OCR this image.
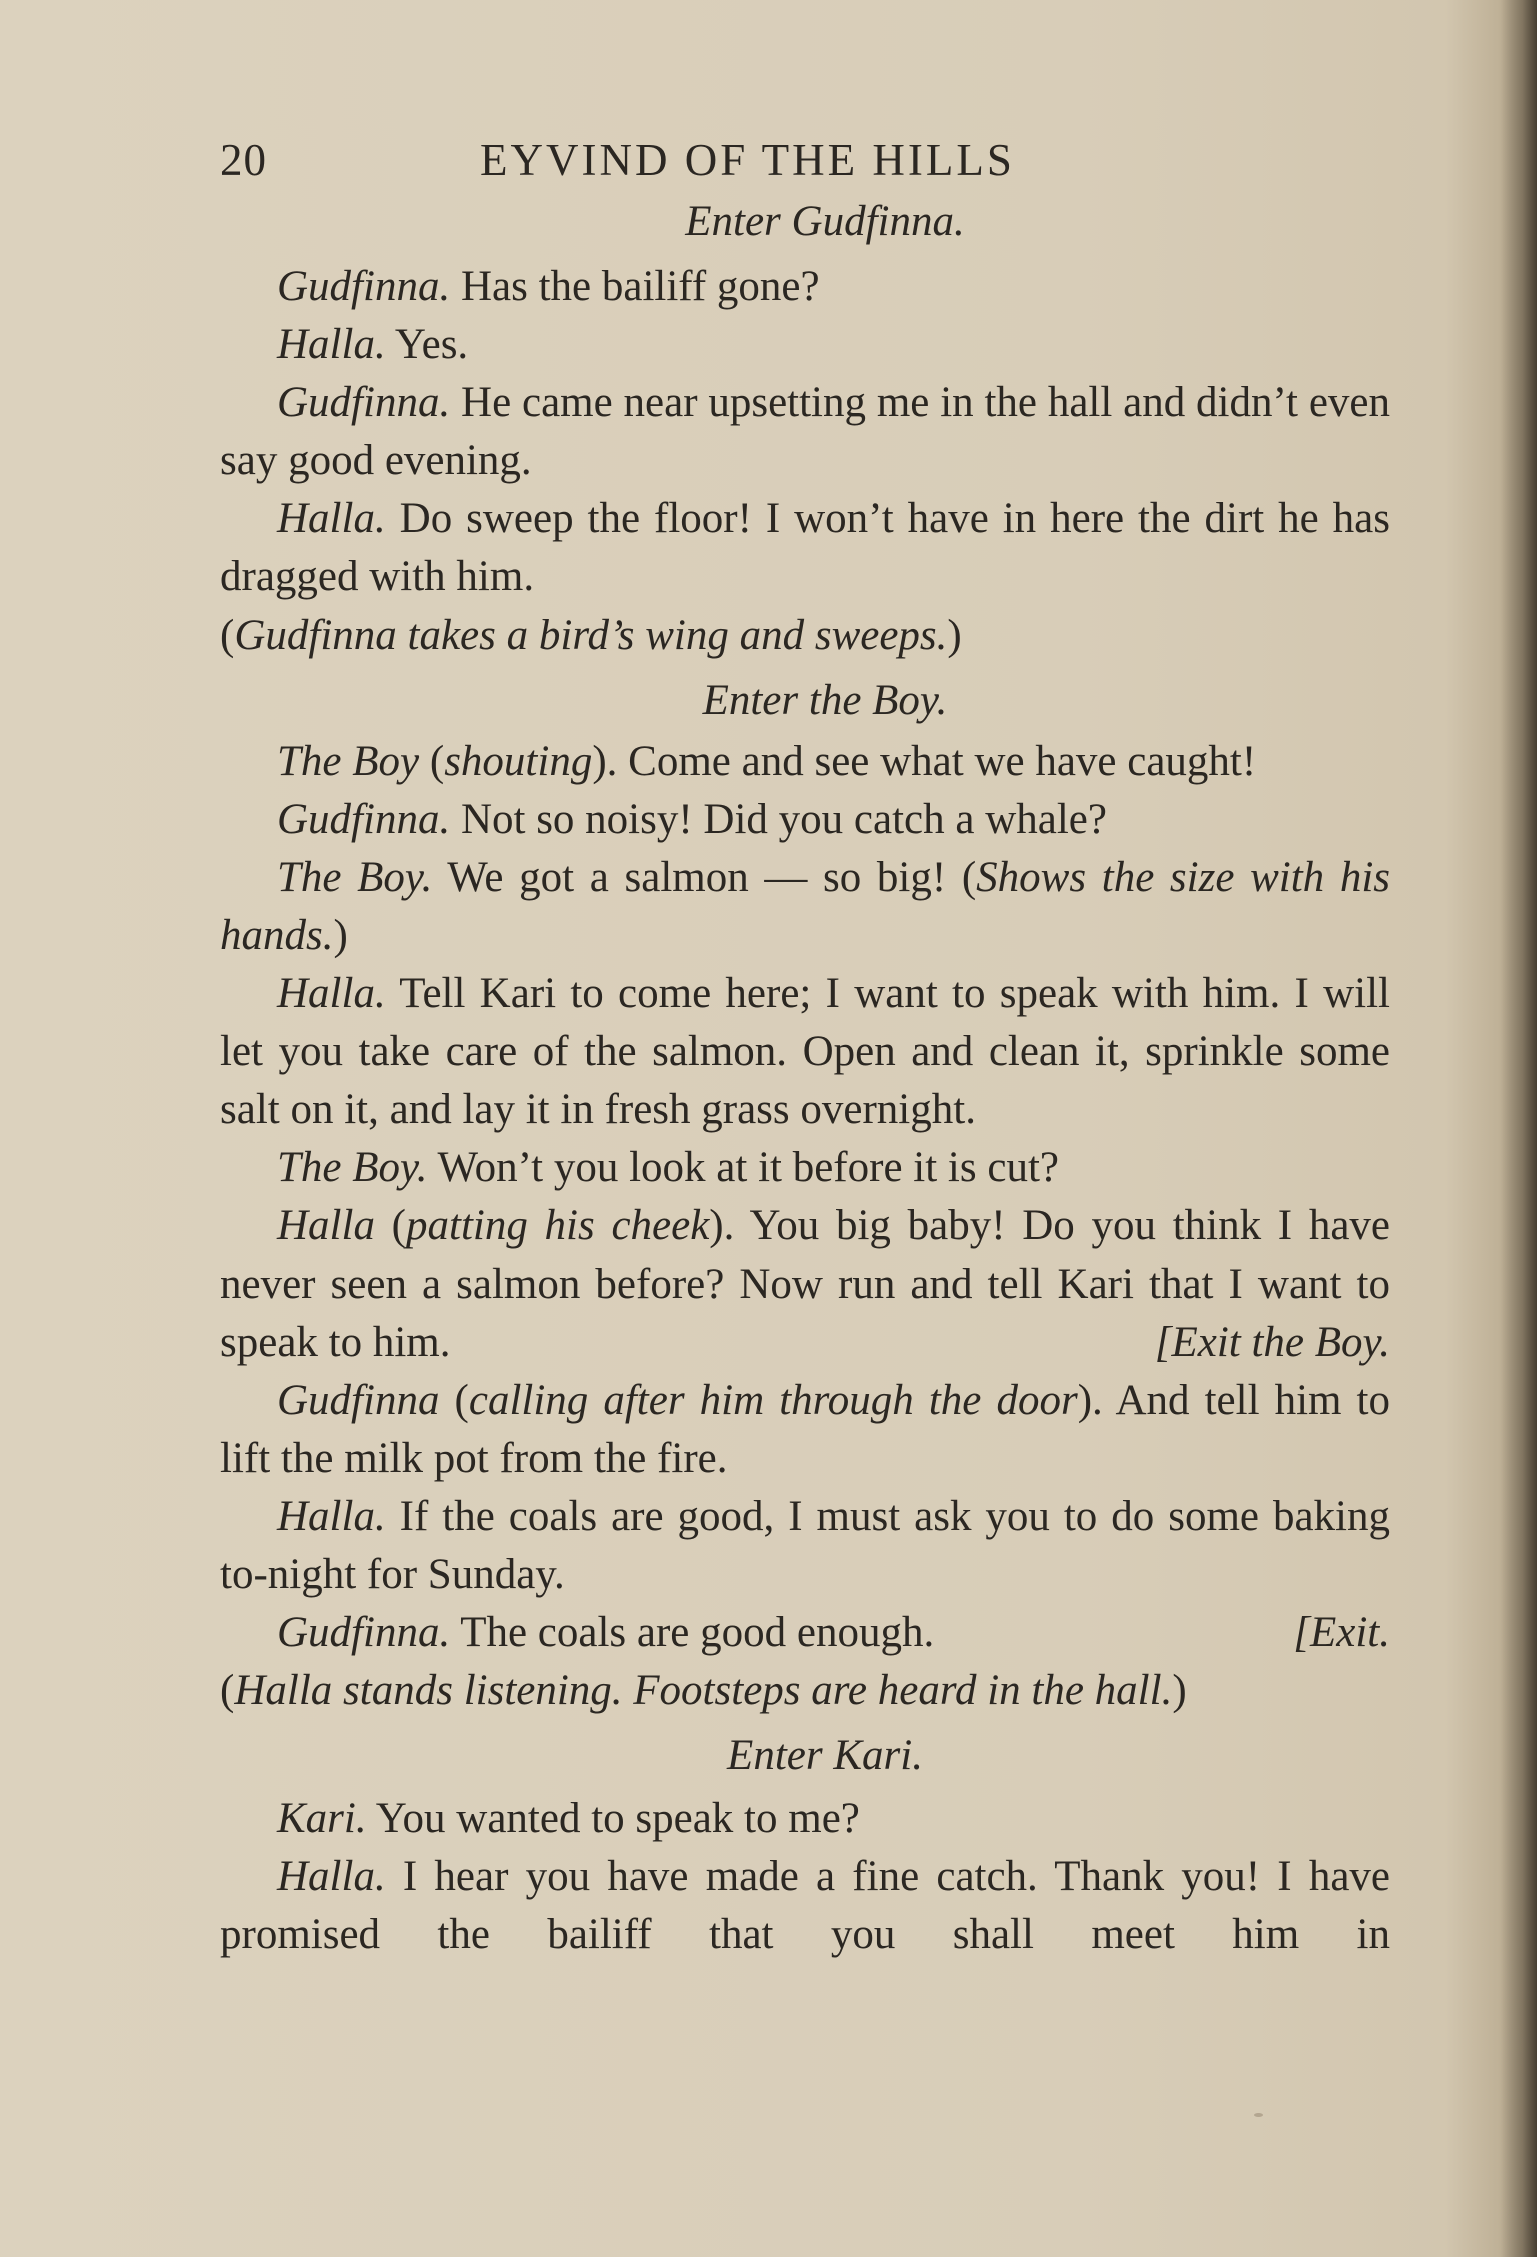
20	EYVIND OF THE HILLS

Enter Gudfinna.

Gudfinna. Has the bailiff gone?

Halla. Yes.

Gudfinna. He came near upsetting me in the hall and didn’t even say good evening.

Halla. Do sweep the floor! I won’t have in here the dirt he has dragged with him.

(Gudfinna takes a bird’s wing and sweeps.)

Enter the Boy.

The Boy (shouting). Come and see what we have caught!

Gudfinna. Not so noisy! Did you catch a whale?

The Boy. We got a salmon — so big! (Shows the size with his hands.)

Halla. Tell Kari to come here; I want to speak with him. I will let you take care of the salmon. Open and clean it, sprinkle some salt on it, and lay it in fresh grass overnight.

The Boy. Won’t you look at it before it is cut?

Halla (patting his cheek). You big baby! Do you think I have never seen a salmon before? Now run and tell Kari that I want to speak to him.	[Exit the Boy.

Gudfinna (calling after him through the door). And tell him to lift the milk pot from the fire.

Halla. If the coals are good, I must ask you to do some baking to-night for Sunday.

Gudfinna. The coals are good enough.	[Exit.

(Halla stands listening. Footsteps are heard in the hall.)

Enter Kari.

Kari. You wanted to speak to me?

Halla. I hear you have made a fine catch. Thank you! I have promised the bailiff that you shall meet him in
